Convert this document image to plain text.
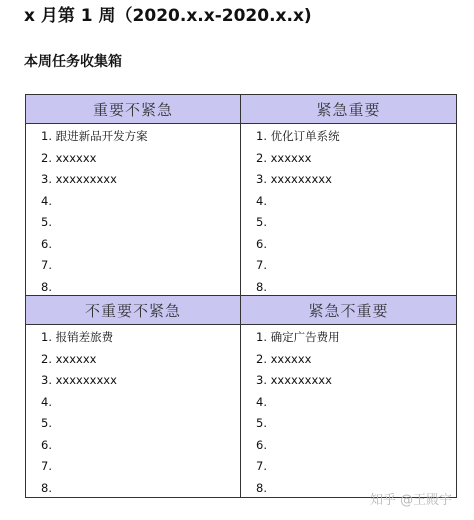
x 月第 1 周（2020.x.x-2020.x.x)
本周任务收集箱
重要不紧急
1. 跟进新品开发方案
2. xxxxxx
3. xxxxxxxxx
4.
5.
6.
7.
8.
紧急重要
1. 优化订单系统
2. xxxxxx
3. xxxxxxxxx
4.
5.
6.
7.
8.
不重要不紧急
1. 报销差旅费
2. xxxxxx
3. xxxxxxxxx
4.
5.
6.
7.
8.
紧急不重要
1. 确定广告费用
2. xxxxxx
3. xxxxxxxxx
4.
5.
6.
7.
8.
知乎 @王殿宇
